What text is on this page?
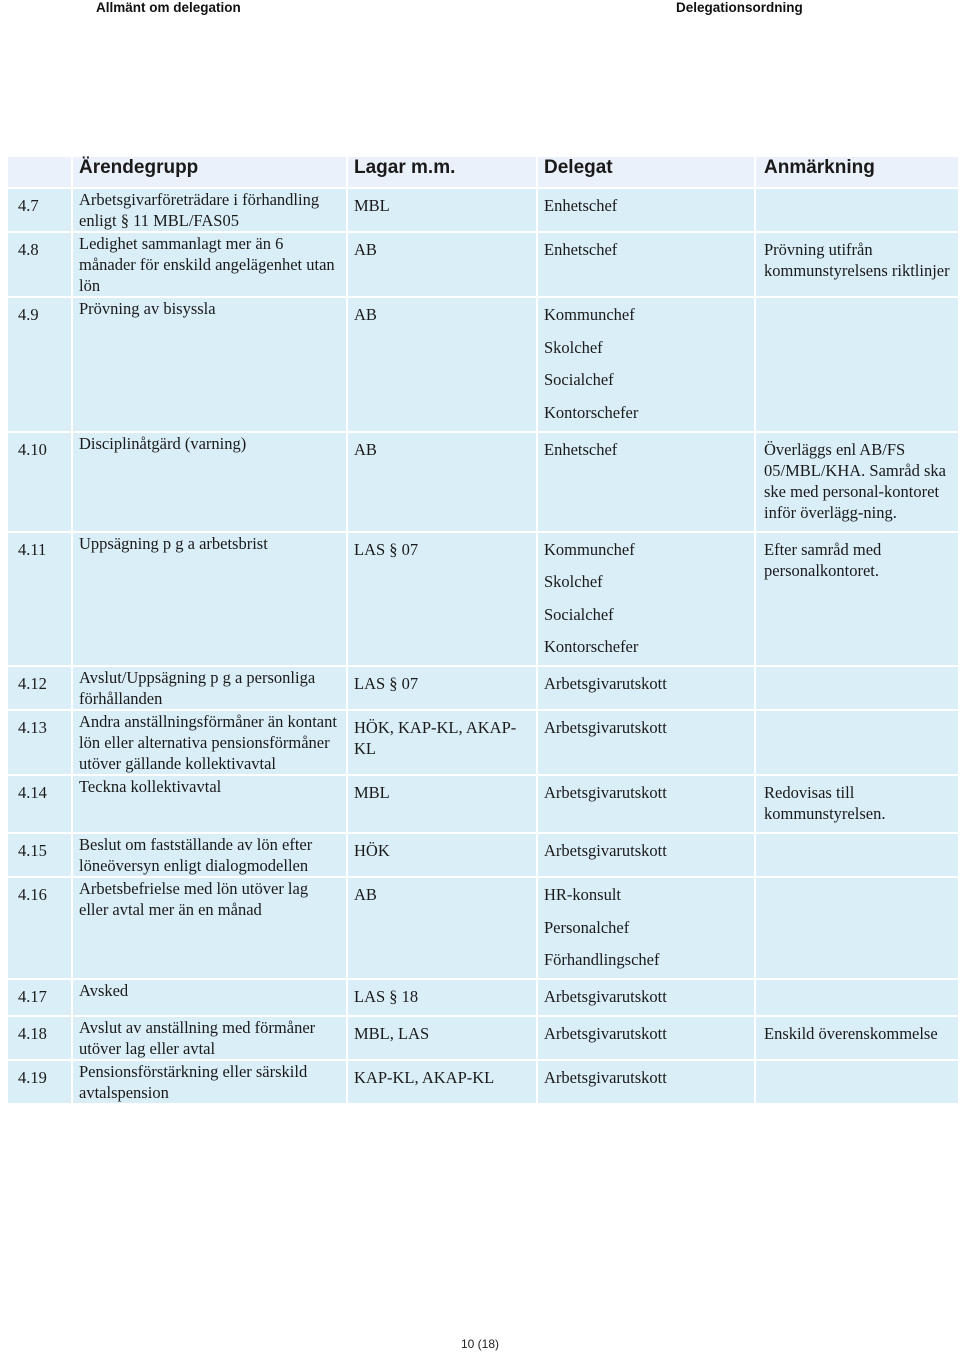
Allmänt om delegation	Delegationsordning
	Ärendegrupp	Lagar m.m.	Delegat	Anmärkning
4.7	Arbetsgivarföreträdare i förhandling enligt § 11 MBL/FAS05	MBL	Enhetschef	

4.8	Ledighet sammanlagt mer än 6 månader för enskild angelägenhet utan lön	AB	Enhetschef	Prövning utifrån kommunstyrelsens riktlinjer
4.9	Prövning av bisyssla	AB	Kommunchef
Skolchef
Socialchef
Kontorschefer	

4.10	Disciplinåtgärd (varning)	AB	Enhetschef	Överläggs enl AB/FS 05/MBL/KHA. Samråd ska ske med personal-kontoret inför överlägg-ning.
4.11	Uppsägning p g a arbetsbrist	LAS § 07	Kommunchef
Skolchef
Socialchef
Kontorschefer	Efter samråd med personalkontoret.
4.12	Avslut/Uppsägning p g a personliga förhållanden	LAS § 07	Arbetsgivarutskott	

4.13	Andra anställningsförmåner än kontant lön eller alternativa pensionsförmåner utöver gällande kollektivavtal	HÖK, KAP-KL, AKAP-KL	Arbetsgivarutskott	

4.14	Teckna kollektivavtal	MBL	Arbetsgivarutskott	Redovisas till kommunstyrelsen.
4.15	Beslut om fastställande av lön efter löneöversyn enligt dialogmodellen	HÖK	Arbetsgivarutskott	

4.16	Arbetsbefrielse med lön utöver lag eller avtal mer än en månad	AB	HR-konsult
Personalchef
Förhandlingschef	

4.17	Avsked	LAS § 18	Arbetsgivarutskott	

4.18	Avslut av anställning med förmåner utöver lag eller avtal	MBL, LAS	Arbetsgivarutskott	Enskild överenskommelse
4.19	Pensionsförstärkning eller särskild avtalspension	KAP-KL, AKAP-KL	Arbetsgivarutskott	

10 (18)
